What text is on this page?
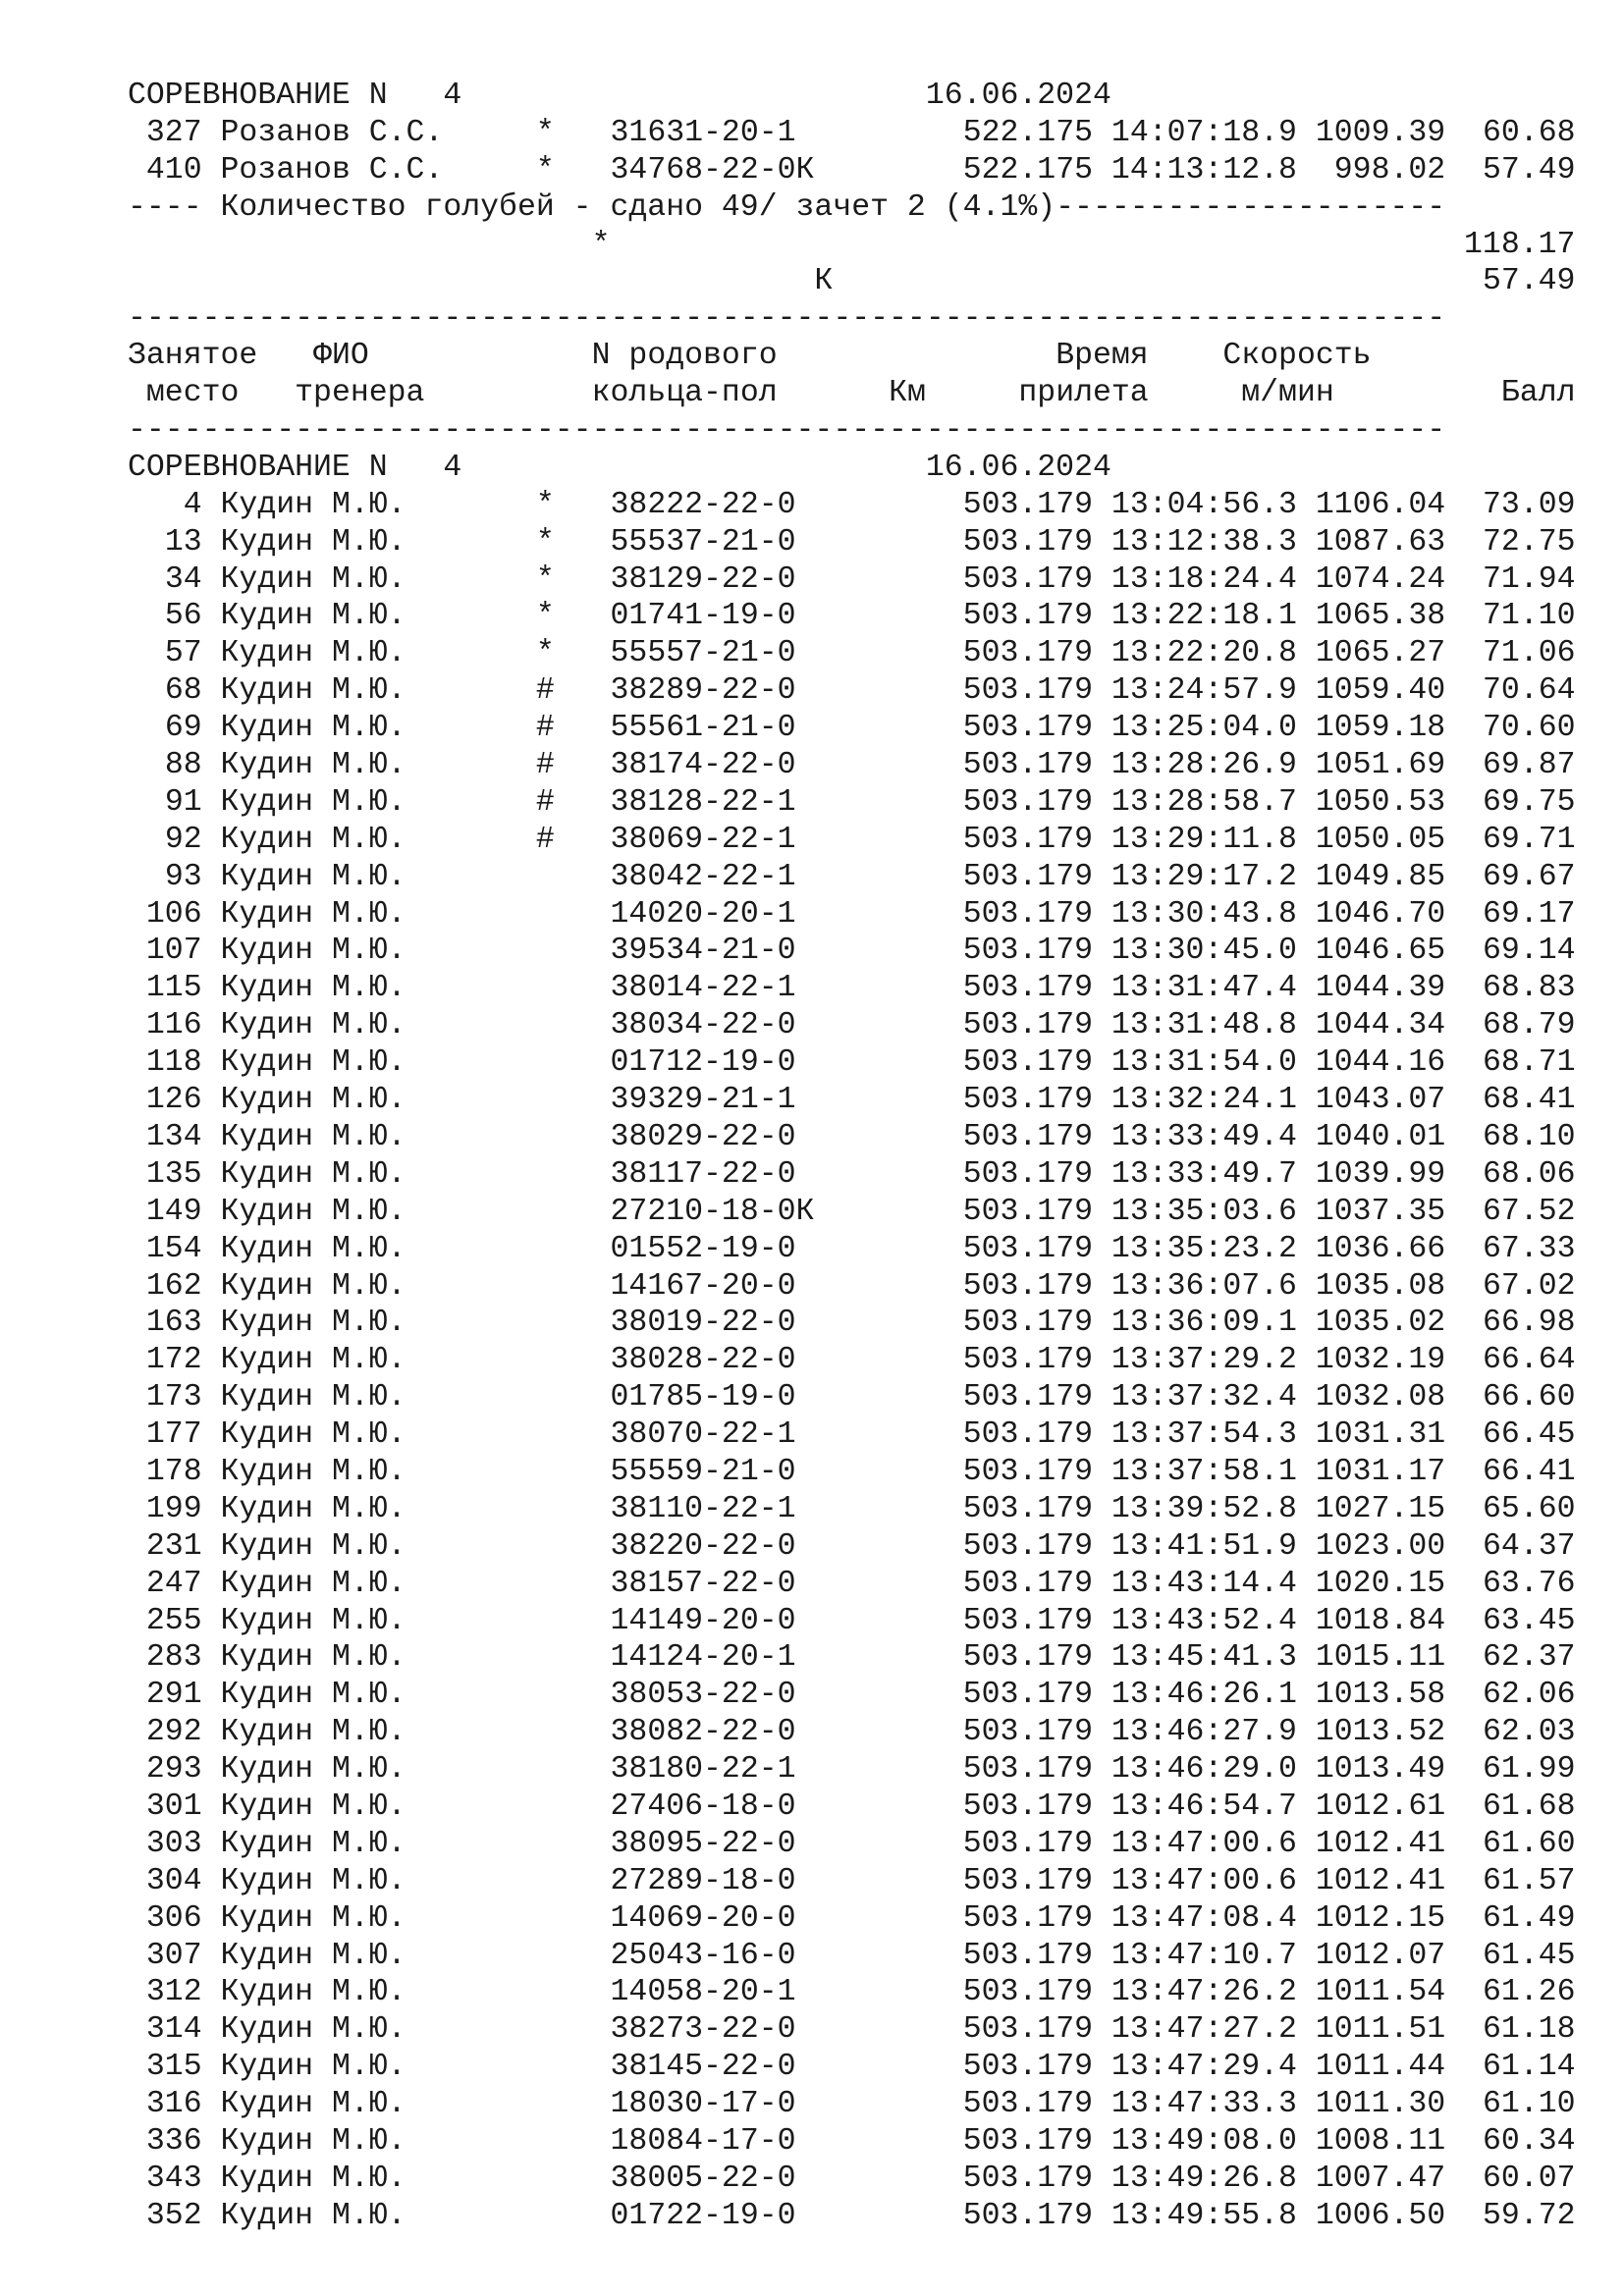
СОРЕВНОВАНИЕ N 4	16.06.2024
327 Розанов С.С.	* 31631-20-1	522.175 14:07:18.9 1009.39 60.68
410 Розанов С.С.	* 34768-22-0К	522.175 14:13:12.8 998.02 57.49
---- Количество голубей - сдано 49/ зачет 2 (4.1%)---------------------
*	118.17
К	57.49
-----------------------------------------------------------------------
Занятое ФИО	N родового	Время Скорость
место тренера	кольца-пол	Км	прилета	м/мин	Балл
-----------------------------------------------------------------------
СОРЕВНОВАНИЕ N 4	16.06.2024
4 Кудин М.Ю.	* 38222-22-0	503.179 13:04:56.3 1106.04 73.09
13 Кудин М.Ю.	* 55537-21-0	503.179 13:12:38.3 1087.63 72.75
34 Кудин М.Ю.	* 38129-22-0	503.179 13:18:24.4 1074.24 71.94
56 Кудин М.Ю.	* 01741-19-0	503.179 13:22:18.1 1065.38 71.10
57 Кудин М.Ю.	* 55557-21-0	503.179 13:22:20.8 1065.27 71.06
68 Кудин М.Ю.	# 38289-22-0	503.179 13:24:57.9 1059.40 70.64
69 Кудин М.Ю.	# 55561-21-0	503.179 13:25:04.0 1059.18 70.60
88 Кудин М.Ю.	# 38174-22-0	503.179 13:28:26.9 1051.69 69.87
91 Кудин М.Ю.	# 38128-22-1	503.179 13:28:58.7 1050.53 69.75
92 Кудин М.Ю.	# 38069-22-1	503.179 13:29:11.8 1050.05 69.71
93 Кудин М.Ю.	38042-22-1	503.179 13:29:17.2 1049.85 69.67
106 Кудин М.Ю.	14020-20-1	503.179 13:30:43.8 1046.70 69.17
107 Кудин М.Ю.	39534-21-0	503.179 13:30:45.0 1046.65 69.14
115 Кудин М.Ю.	38014-22-1	503.179 13:31:47.4 1044.39 68.83
116 Кудин М.Ю.	38034-22-0	503.179 13:31:48.8 1044.34 68.79
118 Кудин М.Ю.	01712-19-0	503.179 13:31:54.0 1044.16 68.71
126 Кудин М.Ю.	39329-21-1	503.179 13:32:24.1 1043.07 68.41
134 Кудин М.Ю.	38029-22-0	503.179 13:33:49.4 1040.01 68.10
135 Кудин М.Ю.	38117-22-0	503.179 13:33:49.7 1039.99 68.06
149 Кудин М.Ю.	27210-18-0К	503.179 13:35:03.6 1037.35 67.52
154 Кудин М.Ю.	01552-19-0	503.179 13:35:23.2 1036.66 67.33
162 Кудин М.Ю.	14167-20-0	503.179 13:36:07.6 1035.08 67.02
163 Кудин М.Ю.	38019-22-0	503.179 13:36:09.1 1035.02 66.98
172 Кудин М.Ю.	38028-22-0	503.179 13:37:29.2 1032.19 66.64
173 Кудин М.Ю.	01785-19-0	503.179 13:37:32.4 1032.08 66.60
177 Кудин М.Ю.	38070-22-1	503.179 13:37:54.3 1031.31 66.45
178 Кудин М.Ю.	55559-21-0	503.179 13:37:58.1 1031.17 66.41
199 Кудин М.Ю.	38110-22-1	503.179 13:39:52.8 1027.15 65.60
231 Кудин М.Ю.	38220-22-0	503.179 13:41:51.9 1023.00 64.37
247 Кудин М.Ю.	38157-22-0	503.179 13:43:14.4 1020.15 63.76
255 Кудин М.Ю.	14149-20-0	503.179 13:43:52.4 1018.84 63.45
283 Кудин М.Ю.	14124-20-1	503.179 13:45:41.3 1015.11 62.37
291 Кудин М.Ю.	38053-22-0	503.179 13:46:26.1 1013.58 62.06
292 Кудин М.Ю.	38082-22-0	503.179 13:46:27.9 1013.52 62.03
293 Кудин М.Ю.	38180-22-1	503.179 13:46:29.0 1013.49 61.99
301 Кудин М.Ю.	27406-18-0	503.179 13:46:54.7 1012.61 61.68
303 Кудин М.Ю.	38095-22-0	503.179 13:47:00.6 1012.41 61.60
304 Кудин М.Ю.	27289-18-0	503.179 13:47:00.6 1012.41 61.57
306 Кудин М.Ю.	14069-20-0	503.179 13:47:08.4 1012.15 61.49
307 Кудин М.Ю.	25043-16-0	503.179 13:47:10.7 1012.07 61.45
312 Кудин М.Ю.	14058-20-1	503.179 13:47:26.2 1011.54 61.26
314 Кудин М.Ю.	38273-22-0	503.179 13:47:27.2 1011.51 61.18
315 Кудин М.Ю.	38145-22-0	503.179 13:47:29.4 1011.44 61.14
316 Кудин М.Ю.	18030-17-0	503.179 13:47:33.3 1011.30 61.10
336 Кудин М.Ю.	18084-17-0	503.179 13:49:08.0 1008.11 60.34
343 Кудин М.Ю.	38005-22-0	503.179 13:49:26.8 1007.47 60.07
352 Кудин М.Ю.	01722-19-0	503.179 13:49:55.8 1006.50 59.72
